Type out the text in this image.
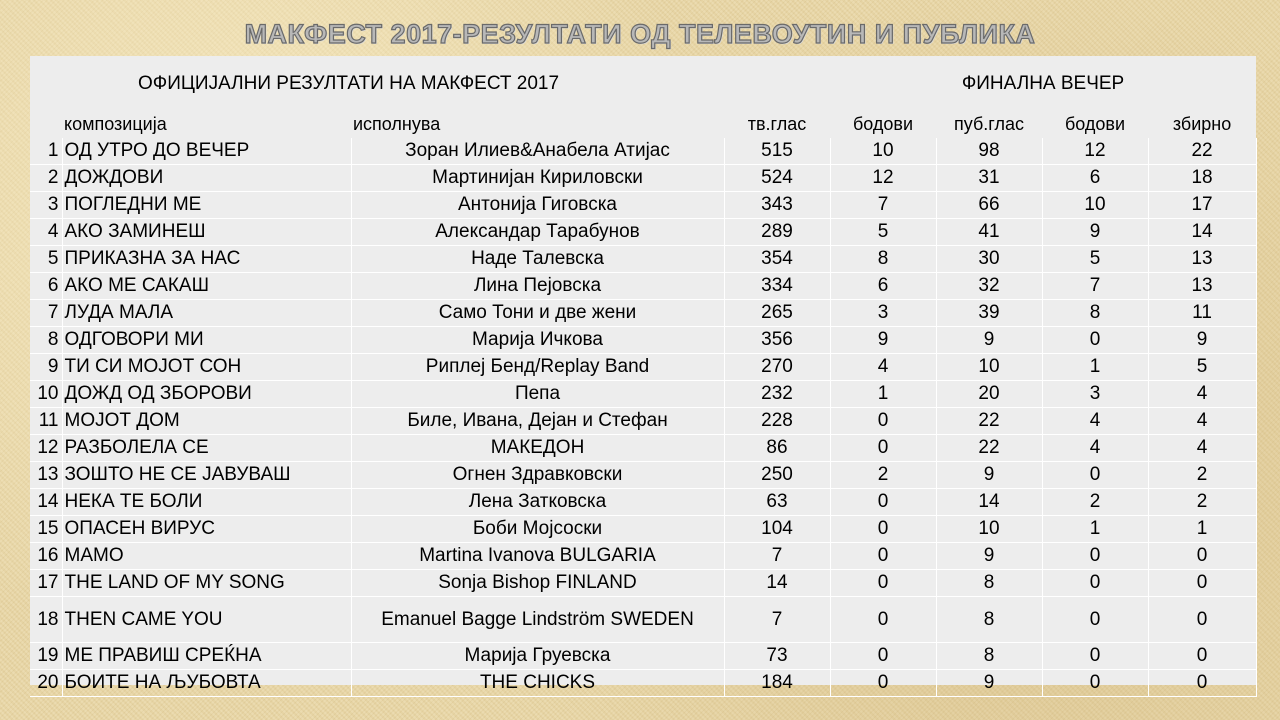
МАКФЕСТ 2017-РЕЗУЛТАТИ ОД ТЕЛЕВОУТИН И ПУБЛИКА
ОФИЦИЈАЛНИ РЕЗУЛТАТИ НА МАКФЕСТ 2017				ФИНАЛНА ВЕЧЕР			
	композиција	исполнува	тв.глас	бодови	пуб.глас	бодови	збирно
1	ОД УТРО ДО ВЕЧЕР	Зоран Илиев&Анабела Атијас	515	10	98	12	22
2	ДОЖДОВИ	Мартинијан Кириловски	524	12	31	6	18
3	ПОГЛЕДНИ МЕ	Антонија Гиговска	343	7	66	10	17
4	АКО ЗАМИНЕШ	Александар Тарабунов	289	5	41	9	14
5	ПРИКАЗНА ЗА НАС	Наде Талевска	354	8	30	5	13
6	АКО МЕ САКАШ	Лина Пејовска	334	6	32	7	13
7	ЛУДА МАЛА	Само Тони и две жени	265	3	39	8	11
8	ОДГОВОРИ МИ	Марија Ичкова	356	9	9	0	9
9	ТИ СИ МОЈОТ СОН	Риплеј Бенд/Replay Band	270	4	10	1	5
10	ДОЖД ОД ЗБОРОВИ	Пепа	232	1	20	3	4
11	МОЈОТ ДОМ	Биле, Ивана, Дејан и Стефан	228	0	22	4	4
12	РАЗБОЛЕЛА СЕ	МАКЕДОН	86	0	22	4	4
13	ЗОШТО НЕ СЕ ЈАВУВАШ	Огнен Здравковски	250	2	9	0	2
14	НЕКА ТЕ БОЛИ	Лена Затковска	63	0	14	2	2
15	ОПАСЕН ВИРУС	Боби Мојсоски	104	0	10	1	1
16	МАМО	Martina Ivanova BULGARIA	7	0	9	0	0
17	THE LAND OF MY SONG	Sonja Bishop FINLAND	14	0	8	0	0
18	THEN CAME YOU	Emanuel Bagge Lindström SWEDEN	7	0	8	0	0
19	МЕ ПРАВИШ СРЕЌНА	Марија Груевска	73	0	8	0	0
20	БОИТЕ НА ЉУБОВТА	THE CHICKS	184	0	9	0	0
